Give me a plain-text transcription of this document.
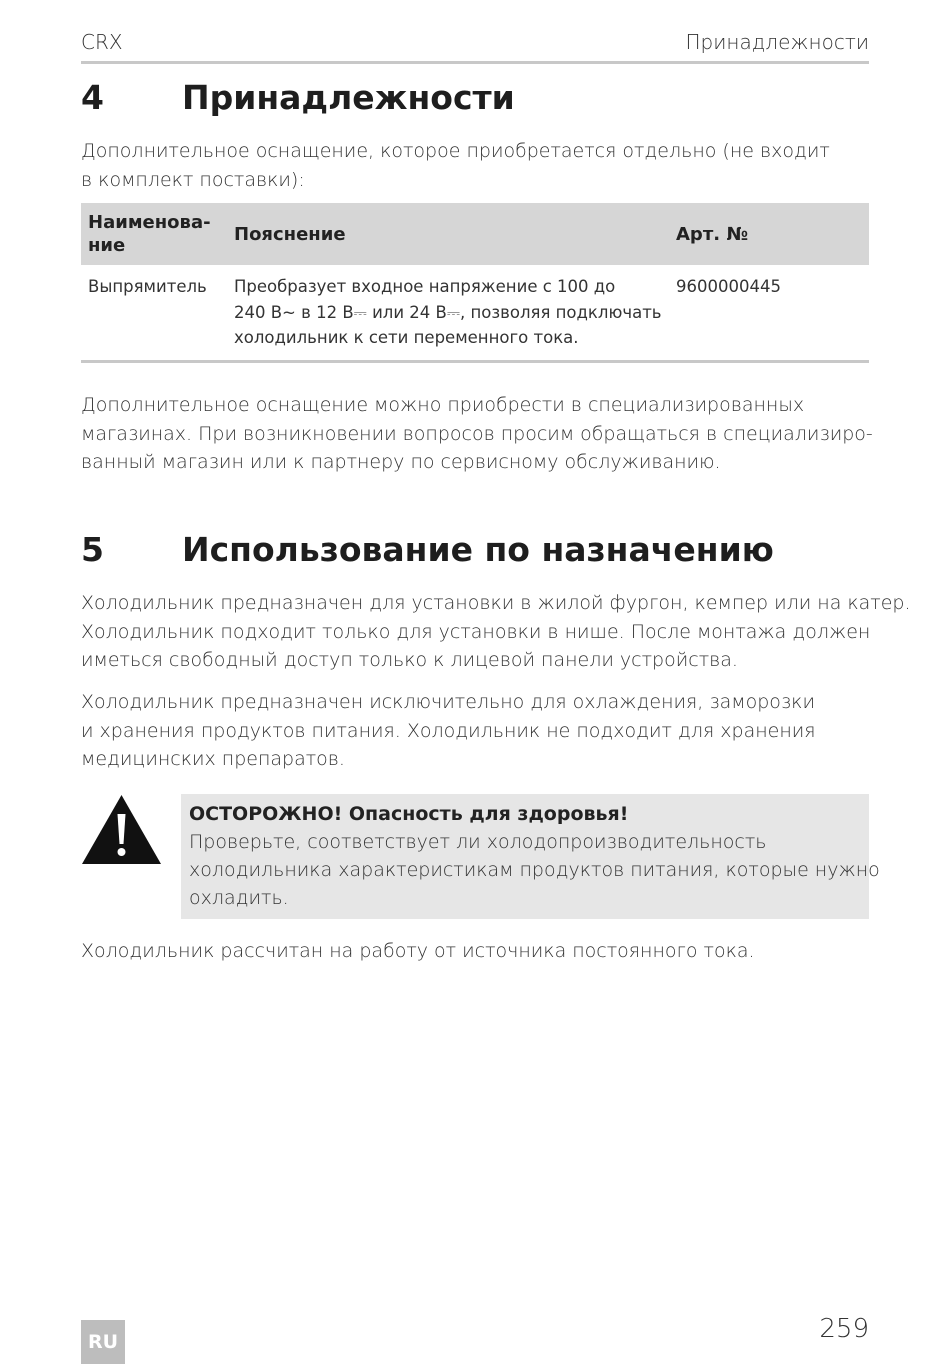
CRX	Принадлежности
4 Принадлежности
Дополнительное оснащение, которое приобретается отдельно (не входит
в комплект поставки):
Наименова-
ние	Пояснение	Арт. №
Выпрямитель	Преобразует входное напряжение с 100 до
240 В~ в 12 В⎓ или 24 В⎓, позволяя подключать
холодильник к сети переменного тока.	9600000445
Дополнительное оснащение можно приобрести в специализированных
магазинах. При возникновении вопросов просим обращаться в специализиро-
ванный магазин или к партнеру по сервисному обслуживанию.
5 Использование по назначению
Холодильник предназначен для установки в жилой фургон, кемпер или на катер.
Холодильник подходит только для установки в нише. После монтажа должен
иметься свободный доступ только к лицевой панели устройства.
Холодильник предназначен исключительно для охлаждения, заморозки
и хранения продуктов питания. Холодильник не подходит для хранения
медицинских препаратов.
ОСТОРОЖНО! Опасность для здоровья!
Проверьте, соответствует ли холодопроизводительность
холодильника характеристикам продуктов питания, которые нужно
охладить.
Холодильник рассчитан на работу от источника постоянного тока.
RU	259
